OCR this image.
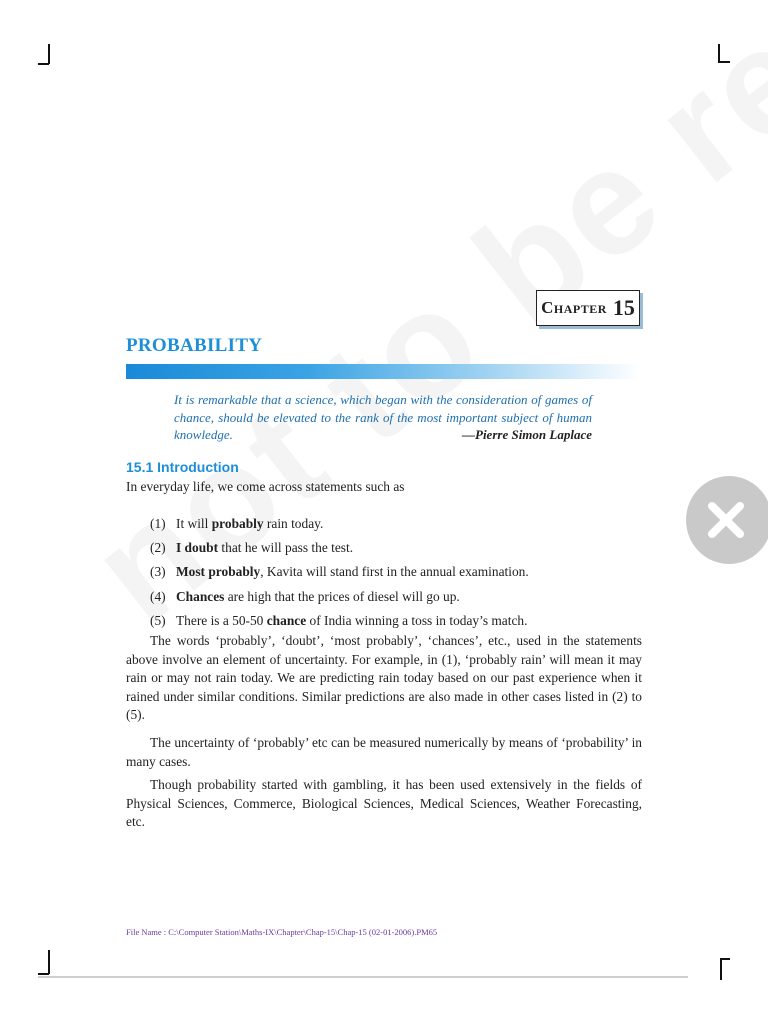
Chapter 15
PROBABILITY
It is remarkable that a science, which began with the consideration of games of chance, should be elevated to the rank of the most important subject of human knowledge.	—Pierre Simon Laplace
15.1 Introduction

In everyday life, we come across statements such as

(1) It will probably rain today.
(2) I doubt that he will pass the test.
(3) Most probably, Kavita will stand first in the annual examination.
(4) Chances are high that the prices of diesel will go up.
(5) There is a 50-50 chance of India winning a toss in today’s match.

The words ‘probably’, ‘doubt’, ‘most probably’, ‘chances’, etc., used in the statements above involve an element of uncertainty. For example, in (1), ‘probably rain’ will mean it may rain or may not rain today. We are predicting rain today based on our past experience when it rained under similar conditions. Similar predictions are also made in other cases listed in (2) to (5).

The uncertainty of ‘probably’ etc can be measured numerically by means of ‘probability’ in many cases.

Though probability started with gambling, it has been used extensively in the fields of Physical Sciences, Commerce, Biological Sciences, Medical Sciences, Weather Forecasting, etc.

File Name : C:\Computer Station\Maths-IX\Chapter\Chap-15\Chap-15 (02-01-2006).PM65
